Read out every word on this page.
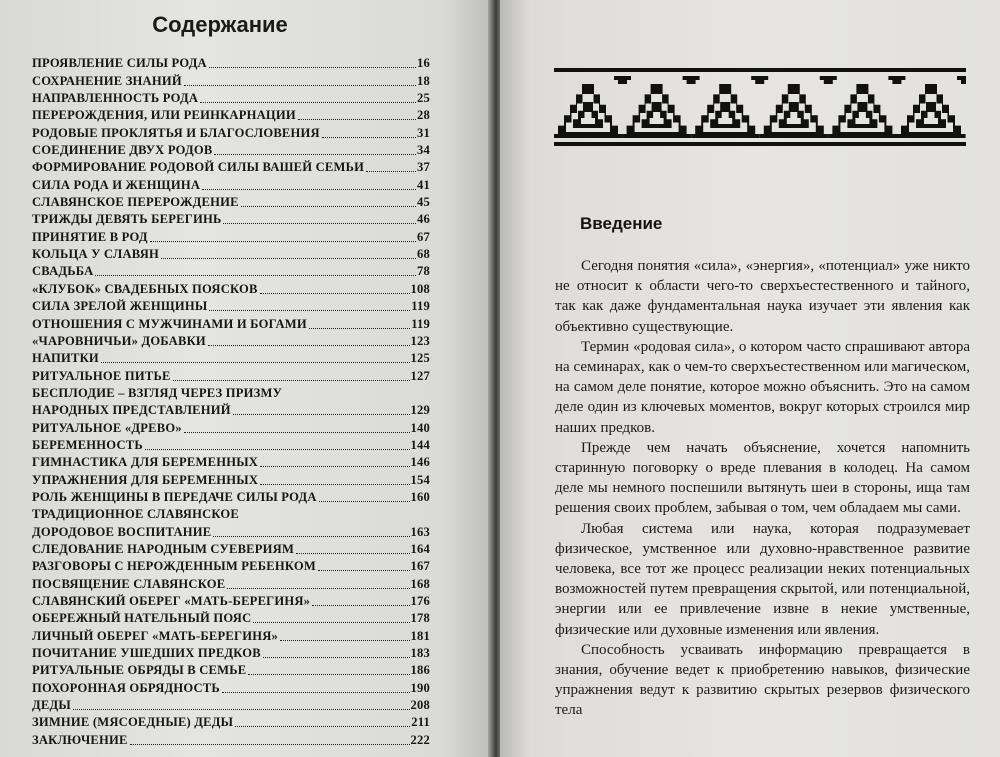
Содержание
ПРОЯВЛЕНИЕ СИЛЫ РОДА	16
СОХРАНЕНИЕ ЗНАНИЙ	18
НАПРАВЛЕННОСТЬ РОДА	25
ПЕРЕРОЖДЕНИЯ, ИЛИ РЕИНКАРНАЦИИ	28
РОДОВЫЕ ПРОКЛЯТЬЯ И БЛАГОСЛОВЕНИЯ	31
СОЕДИНЕНИЕ ДВУХ РОДОВ	34
ФОРМИРОВАНИЕ РОДОВОЙ СИЛЫ ВАШЕЙ СЕМЬИ	37
СИЛА РОДА И ЖЕНЩИНА	41
СЛАВЯНСКОЕ ПЕРЕРОЖДЕНИЕ	45
ТРИЖДЫ ДЕВЯТЬ БЕРЕГИНЬ	46
ПРИНЯТИЕ В РОД	67
КОЛЬЦА У СЛАВЯН	68
СВАДЬБА	78
«КЛУБОК» СВАДЕБНЫХ ПОЯСКОВ	108
СИЛА ЗРЕЛОЙ ЖЕНЩИНЫ	119
ОТНОШЕНИЯ С МУЖЧИНАМИ И БОГАМИ	119
«ЧАРОВНИЧЬИ» ДОБАВКИ	123
НАПИТКИ	125
РИТУАЛЬНОЕ ПИТЬЕ	127
БЕСПЛОДИЕ – ВЗГЛЯД ЧЕРЕЗ ПРИЗМУ
НАРОДНЫХ ПРЕДСТАВЛЕНИЙ	129
РИТУАЛЬНОЕ «ДРЕВО»	140
БЕРЕМЕННОСТЬ	144
ГИМНАСТИКА ДЛЯ БЕРЕМЕННЫХ	146
УПРАЖНЕНИЯ ДЛЯ БЕРЕМЕННЫХ	154
РОЛЬ ЖЕНЩИНЫ В ПЕРЕДАЧЕ СИЛЫ РОДА	160
ТРАДИЦИОННОЕ СЛАВЯНСКОЕ
ДОРОДОВОЕ ВОСПИТАНИЕ	163
СЛЕДОВАНИЕ НАРОДНЫМ СУЕВЕРИЯМ	164
РАЗГОВОРЫ С НЕРОЖДЕННЫМ РЕБЕНКОМ	167
ПОСВЯЩЕНИЕ СЛАВЯНСКОЕ	168
СЛАВЯНСКИЙ ОБЕРЕГ «МАТЬ-БЕРЕГИНЯ»	176
ОБЕРЕЖНЫЙ НАТЕЛЬНЫЙ ПОЯС	178
ЛИЧНЫЙ ОБЕРЕГ «МАТЬ-БЕРЕГИНЯ»	181
ПОЧИТАНИЕ УШЕДШИХ ПРЕДКОВ	183
РИТУАЛЬНЫЕ ОБРЯДЫ В СЕМЬЕ	186
ПОХОРОННАЯ ОБРЯДНОСТЬ	190
ДЕДЫ	208
ЗИМНИЕ (МЯСОЕДНЫЕ) ДЕДЫ	211
ЗАКЛЮЧЕНИЕ	222
Введение

Сегодня понятия «сила», «энергия», «потенциал» уже никто не относит к области чего-то сверхъестественного и тайного, так как даже фундаментальная наука изучает эти явления как объективно существующие.

Термин «родовая сила», о котором часто спрашивают автора на семинарах, как о чем-то сверхъестественном или магическом, на самом деле понятие, которое можно объяснить. Это на самом деле один из ключевых моментов, вокруг которых строился мир наших предков.

Прежде чем начать объяснение, хочется напомнить старинную поговорку о вреде плевания в колодец. На самом деле мы немного поспешили вытянуть шеи в стороны, ища там решения своих проблем, забывая о том, чем обладаем мы сами.

Любая система или наука, которая подразумевает физическое, умственное или духовно-нравственное развитие человека, все тот же процесс реализации неких потенциальных возможностей путем превращения скрытой, или потенциальной, энергии или ее привлечение извне в некие умственные, физические или духовные изменения или явления.

Способность усваивать информацию превращается в знания, обучение ведет к приобретению навыков, физические упражнения ведут к развитию скрытых резервов физического тела
